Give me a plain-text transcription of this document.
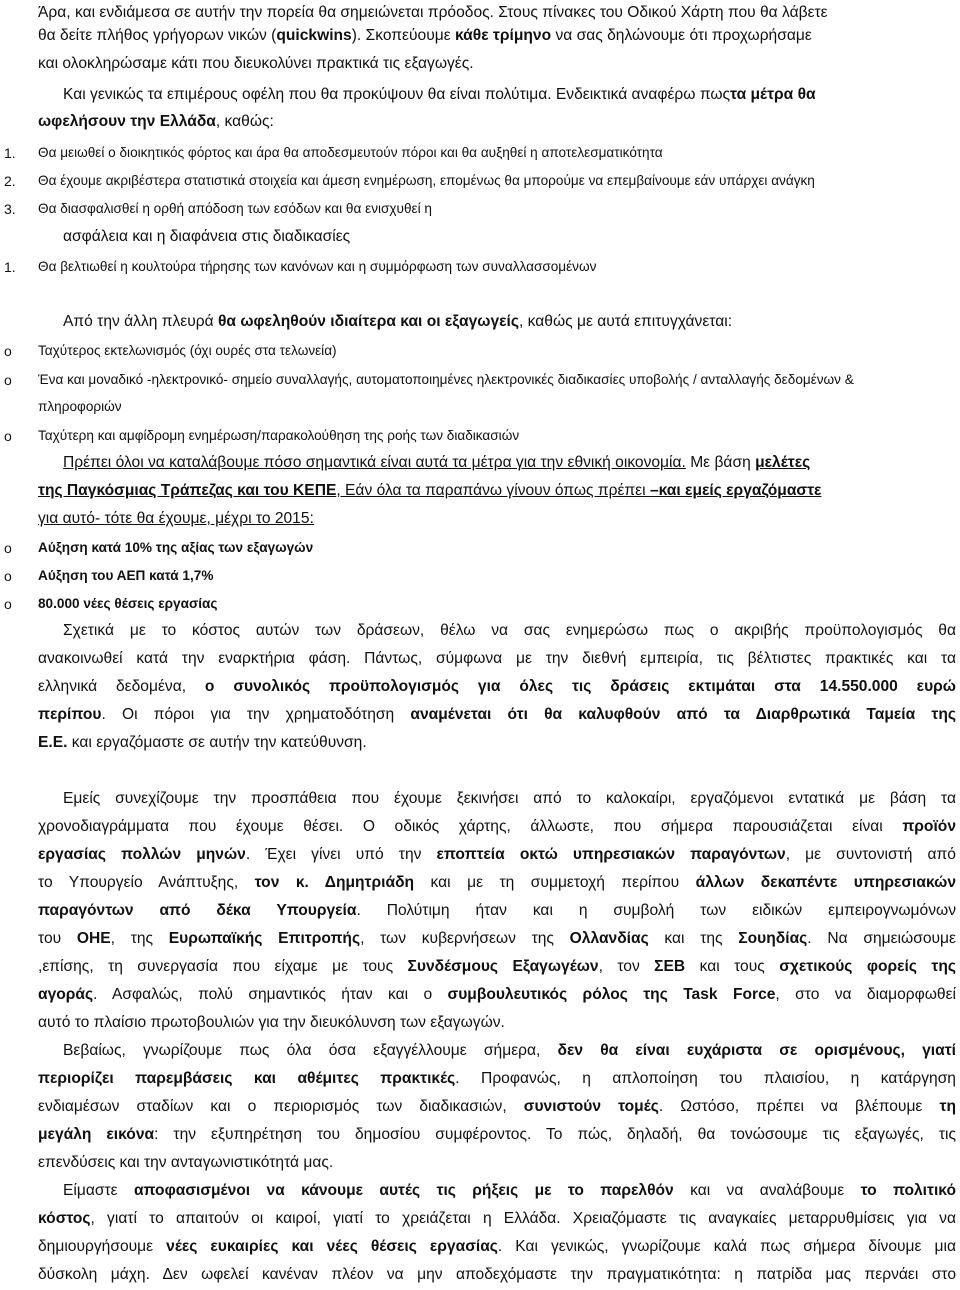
Άρα, και ενδιάμεσα σε αυτήν την πορεία θα σημειώνεται πρόοδος. Στους πίνακες του Οδικού Χάρτη που θα λάβετε
θα δείτε πλήθος γρήγορων νικών (quickwins). Σκοπεύουμε κάθε τρίμηνο να σας δηλώνουμε ότι προχωρήσαμε
και ολοκληρώσαμε κάτι που διευκολύνει πρακτικά τις εξαγωγές.
Και γενικώς τα επιμέρους οφέλη που θα προκύψουν θα είναι πολύτιμα. Ενδεικτικά αναφέρω πωςτα μέτρα θα
ωφελήσουν την Ελλάδα, καθώς:
1. Θα μειωθεί ο διοικητικός φόρτος και άρα θα αποδεσμευτούν πόροι και θα αυξηθεί η αποτελεσματικότητα
2. Θα έχουμε ακριβέστερα στατιστικά στοιχεία και άμεση ενημέρωση, επομένως θα μπορούμε να επεμβαίνουμε εάν υπάρχει ανάγκη
3. Θα διασφαλισθεί η ορθή απόδοση των εσόδων και θα ενισχυθεί η
ασφάλεια και η διαφάνεια στις διαδικασίες
1. Θα βελτιωθεί η κουλτούρα τήρησης των κανόνων και η συμμόρφωση των συναλλασσομένων
Από την άλλη πλευρά θα ωφεληθούν ιδιαίτερα και οι εξαγωγείς, καθώς με αυτά επιτυγχάνεται:
o Ταχύτερος εκτελωνισμός (όχι ουρές στα τελωνεία)
o Ένα και μοναδικό -ηλεκτρονικό- σημείο συναλλαγής, αυτοματοποιημένες ηλεκτρονικές διαδικασίες υποβολής / ανταλλαγής δεδομένων &
πληροφοριών
o Ταχύτερη και αμφίδρομη ενημέρωση/παρακολούθηση της ροής των διαδικασιών
Πρέπει όλοι να καταλάβουμε πόσο σημαντικά είναι αυτά τα μέτρα για την εθνική οικονομία. Με βάση μελέτες
της Παγκόσμιας Τράπεζας και του ΚΕΠΕ, Εάν όλα τα παραπάνω γίνουν όπως πρέπει –και εμείς εργαζόμαστε
για αυτό- τότε θα έχουμε, μέχρι το 2015:
o Αύξηση κατά 10% της αξίας των εξαγωγών
o Αύξηση του ΑΕΠ κατά 1,7%
o 80.000 νέες θέσεις εργασίας
Σχετικά με το κόστος αυτών των δράσεων, θέλω να σας ενημερώσω πως ο ακριβής προϋπολογισμός θα
ανακοινωθεί κατά την εναρκτήρια φάση. Πάντως, σύμφωνα με την διεθνή εμπειρία, τις βέλτιστες πρακτικές και τα
ελληνικά δεδομένα, ο συνολικός προϋπολογισμός για όλες τις δράσεις εκτιμάται στα 14.550.000 ευρώ
περίπου. Οι πόροι για την χρηματοδότηση αναμένεται ότι θα καλυφθούν από τα Διαρθρωτικά Ταμεία της
Ε.Ε. και εργαζόμαστε σε αυτήν την κατεύθυνση.
Εμείς συνεχίζουμε την προσπάθεια που έχουμε ξεκινήσει από το καλοκαίρι, εργαζόμενοι εντατικά με βάση τα
χρονοδιαγράμματα που έχουμε θέσει. Ο οδικός χάρτης, άλλωστε, που σήμερα παρουσιάζεται είναι προϊόν
εργασίας πολλών μηνών. Έχει γίνει υπό την εποπτεία οκτώ υπηρεσιακών παραγόντων, με συντονιστή από
το Υπουργείο Ανάπτυξης, τον κ. Δημητριάδη και με τη συμμετοχή περίπου άλλων δεκαπέντε υπηρεσιακών
παραγόντων από δέκα Υπουργεία. Πολύτιμη ήταν και η συμβολή των ειδικών εμπειρογνωμόνων
του ΟΗΕ, της Ευρωπαϊκής Επιτροπής, των κυβερνήσεων της Ολλανδίας και της Σουηδίας. Να σημειώσουμε
,επίσης, τη συνεργασία που είχαμε με τους Συνδέσμους Εξαγωγέων, τον ΣΕΒ και τους σχετικούς φορείς της
αγοράς. Ασφαλώς, πολύ σημαντικός ήταν και ο συμβουλευτικός ρόλος της Task Force, στο να διαμορφωθεί
αυτό το πλαίσιο πρωτοβουλιών για την διευκόλυνση των εξαγωγών.
Βεβαίως, γνωρίζουμε πως όλα όσα εξαγγέλλουμε σήμερα, δεν θα είναι ευχάριστα σε ορισμένους, γιατί
περιορίζει παρεμβάσεις και αθέμιτες πρακτικές. Προφανώς, η απλοποίηση του πλαισίου, η κατάργηση
ενδιαμέσων σταδίων και ο περιορισμός των διαδικασιών, συνιστούν τομές. Ωστόσο, πρέπει να βλέπουμε τη
μεγάλη εικόνα: την εξυπηρέτηση του δημοσίου συμφέροντος. Το πώς, δηλαδή, θα τονώσουμε τις εξαγωγές, τις
επενδύσεις και την ανταγωνιστικότητά μας.
Είμαστε αποφασισμένοι να κάνουμε αυτές τις ρήξεις με το παρελθόν και να αναλάβουμε το πολιτικό
κόστος, γιατί το απαιτούν οι καιροί, γιατί το χρειάζεται η Ελλάδα. Χρειαζόμαστε τις αναγκαίες μεταρρυθμίσεις για να
δημιουργήσουμε νέες ευκαιρίες και νέες θέσεις εργασίας. Και γενικώς, γνωρίζουμε καλά πως σήμερα δίνουμε μια
δύσκολη μάχη. Δεν ωφελεί κανέναν πλέον να μην αποδεχόμαστε την πραγματικότητα: η πατρίδα μας περνάει στο
